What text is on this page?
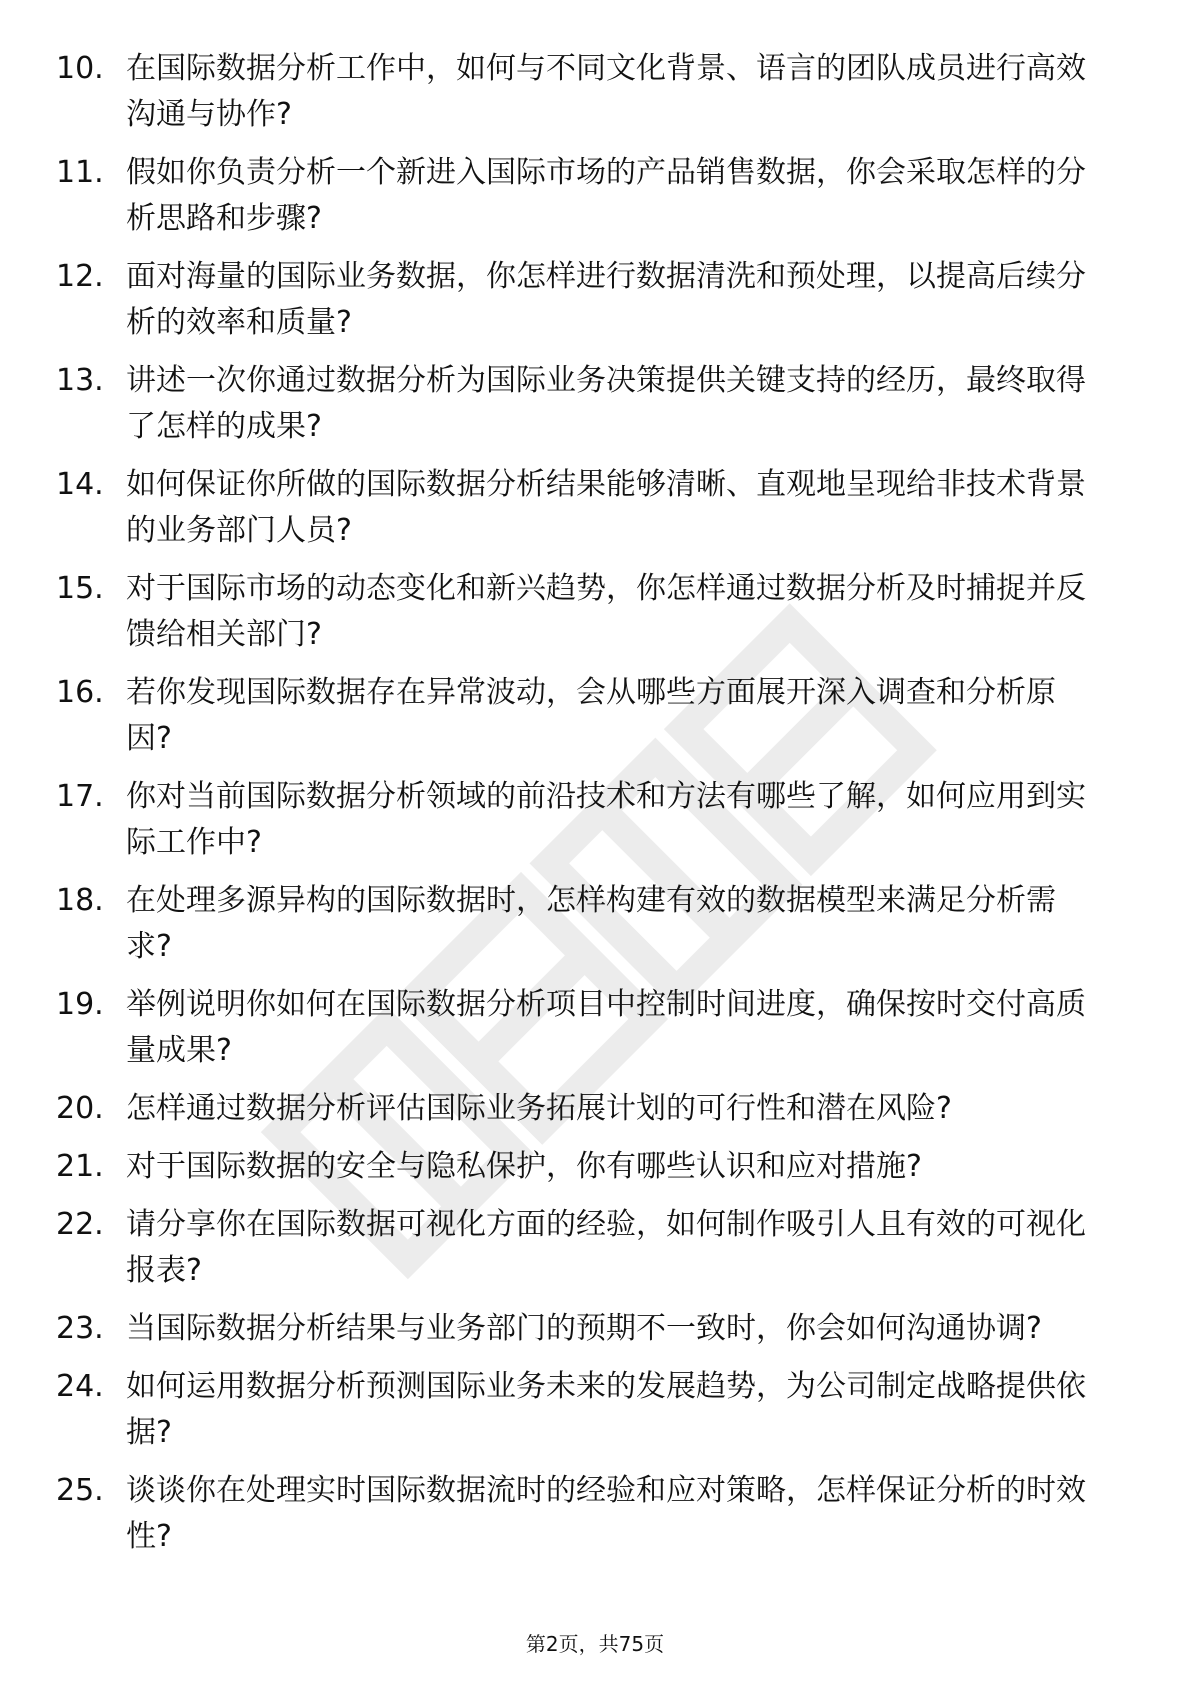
10. 在国际数据分析工作中，如何与不同文化背景、语言的团队成员进行高效沟通与协作?
11. 假如你负责分析一个新进入国际市场的产品销售数据，你会采取怎样的分析思路和步骤?
12. 面对海量的国际业务数据，你怎样进行数据清洗和预处理，以提高后续分析的效率和质量?
13. 讲述一次你通过数据分析为国际业务决策提供关键支持的经历，最终取得了怎样的成果?
14. 如何保证你所做的国际数据分析结果能够清晰、直观地呈现给非技术背景的业务部门人员?
15. 对于国际市场的动态变化和新兴趋势，你怎样通过数据分析及时捕捉并反馈给相关部门?
16. 若你发现国际数据存在异常波动，会从哪些方面展开深入调查和分析原因?
17. 你对当前国际数据分析领域的前沿技术和方法有哪些了解，如何应用到实际工作中?
18. 在处理多源异构的国际数据时，怎样构建有效的数据模型来满足分析需求?
19. 举例说明你如何在国际数据分析项目中控制时间进度，确保按时交付高质量成果?
20. 怎样通过数据分析评估国际业务拓展计划的可行性和潜在风险?
21. 对于国际数据的安全与隐私保护，你有哪些认识和应对措施?
22. 请分享你在国际数据可视化方面的经验，如何制作吸引人且有效的可视化报表?
23. 当国际数据分析结果与业务部门的预期不一致时，你会如何沟通协调?
24. 如何运用数据分析预测国际业务未来的发展趋势，为公司制定战略提供依据?
25. 谈谈你在处理实时国际数据流时的经验和应对策略，怎样保证分析的时效性?
第2页，共75页
